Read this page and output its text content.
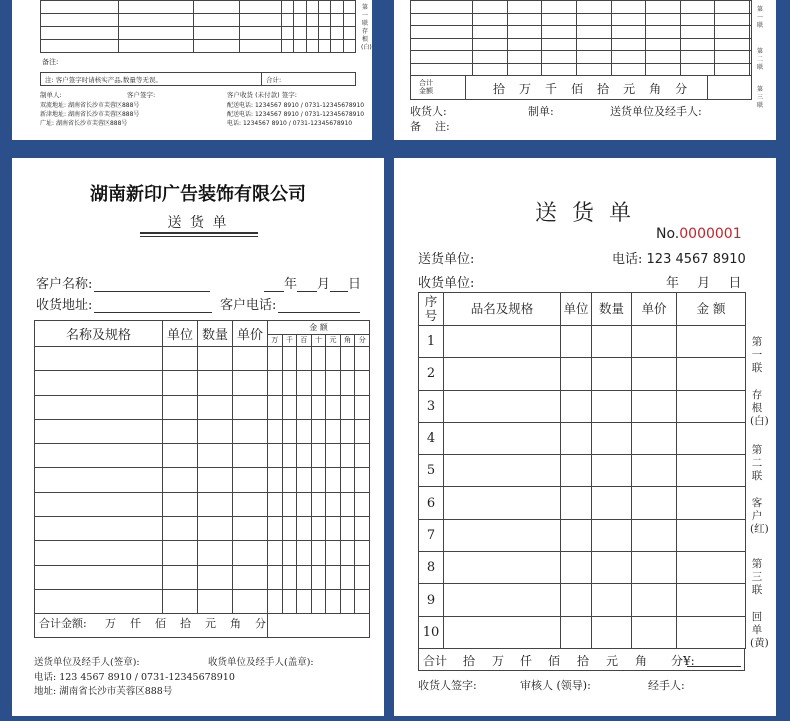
备注:
注: 客户签字时请核实产品,数量等无误。	合计:
制单人:	客户签字:	客户收货 (未付款) 签字:
双流地址: 湖南省长沙市芙蓉区888号
新津地址: 湖南省长沙市芙蓉区888号
广址: 湖南省长沙市芙蓉区888号
配送电话: 1234567 8910 / 0731-12345678910
配送电话: 1234567 8910 / 0731-12345678910
电话: 1234567 8910 / 0731-12345678910
第一联 存根(白)

合计
金额	拾 万 千 佰 拾 元 角 分
收货人:	制单:	送货单位及经手人:
备    注:
第一联
第二联
第三联
湖南新印广告装饰有限公司
送 货 单
客户名称:	年 月 日
收货地址:	客户电话:
名称及规格	单位	数量	单价	金 额						
				万	千	百	十	元	角	分

合计金额: 万 仟 佰 拾 元 角 分
送货单位及经手人(签章):	收货单位及经手人(盖章):
电话: 123 4567 8910 / 0731-12345678910
地址: 湖南省长沙市芙蓉区888号
送 货 单
No.0000001
送货单位:	电话: 123 4567 8910
收货单位:	年 月 日
序
号	品名及规格	单位	数量	单价	金 额
1					
2					
3					
4					
5					
6					
7					
8					
9					
10					
合计 拾 万 仟 佰 拾 元 角 分¥:
收货人签字:	审核人 (领导):	经手人:
第
一
联

存
根
(白)
第
二
联

客
户
(红)
第
三
联

回
单
(黄)
